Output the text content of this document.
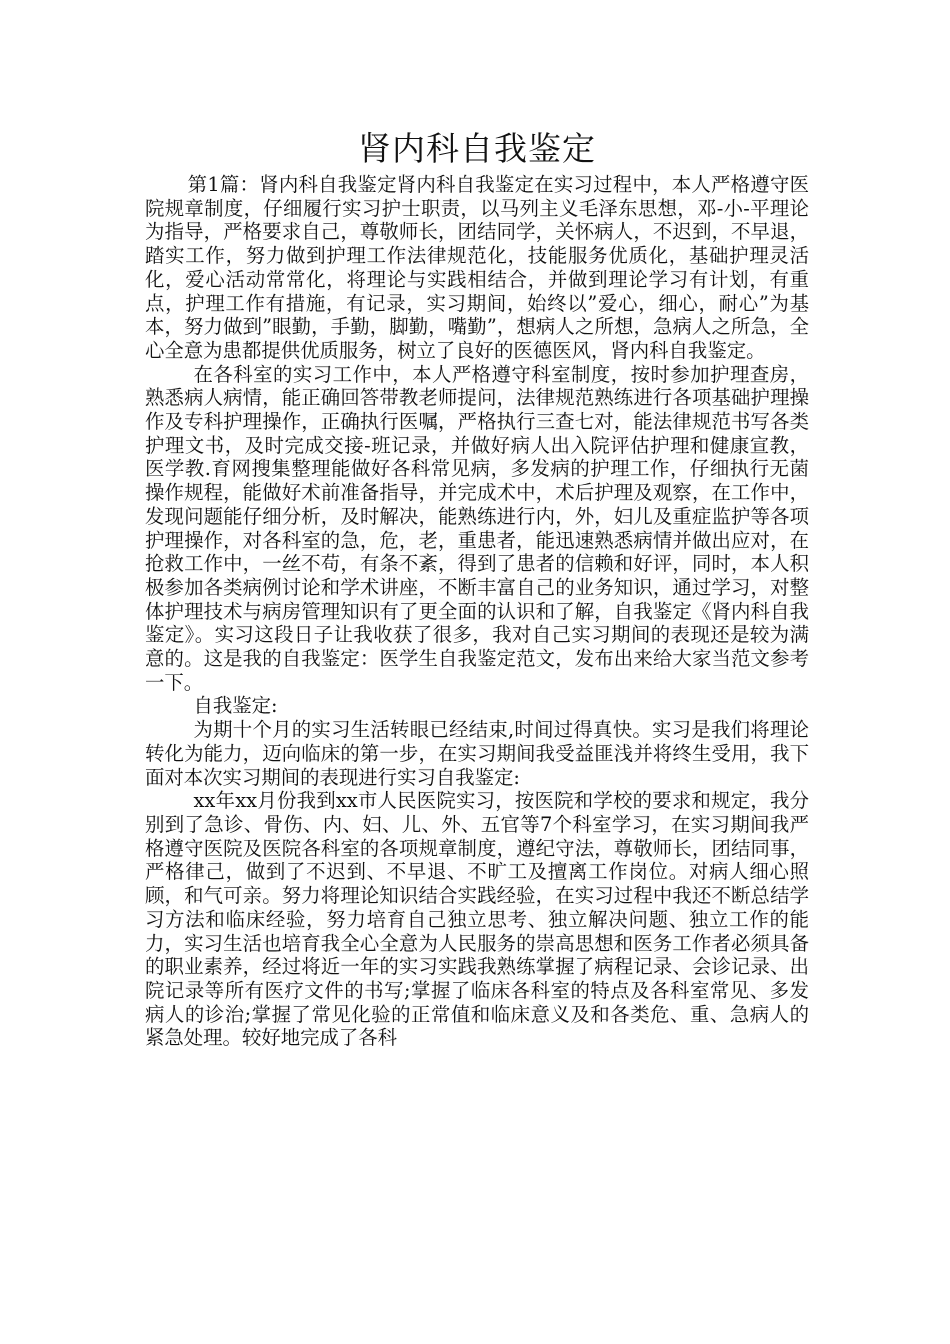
肾内科自我鉴定

第1篇：肾内科自我鉴定肾内科自我鉴定在实习过程中，本人严格遵守医院规章制度，仔细履行实习护士职责，以马列主义毛泽东思想，邓-小-平理论为指导，严格要求自己，尊敬师长，团结同学，关怀病人，不迟到，不早退，踏实工作，努力做到护理工作法律规范化，技能服务优质化，基础护理灵活化，爱心活动常常化，将理论与实践相结合，并做到理论学习有计划，有重点，护理工作有措施，有记录，实习期间，始终以”爱心，细心，耐心”为基本，努力做到”眼勤，手勤，脚勤，嘴勤”，想病人之所想，急病人之所急，全心全意为患都提供优质服务，树立了良好的医德医风，肾内科自我鉴定。

在各科室的实习工作中，本人严格遵守科室制度，按时参加护理查房，熟悉病人病情，能正确回答带教老师提问，法律规范熟练进行各项基础护理操作及专科护理操作，正确执行医嘱，严格执行三查七对，能法律规范书写各类护理文书，及时完成交接-班记录，并做好病人出入院评估护理和健康宣教，医学教.育网搜集整理能做好各科常见病，多发病的护理工作，仔细执行无菌操作规程，能做好术前准备指导，并完成术中，术后护理及观察，在工作中，发现问题能仔细分析，及时解决，能熟练进行内，外，妇儿及重症监护等各项护理操作，对各科室的急，危，老，重患者，能迅速熟悉病情并做出应对，在抢救工作中，一丝不苟，有条不紊，得到了患者的信赖和好评，同时，本人积极参加各类病例讨论和学术讲座，不断丰富自己的业务知识，通过学习，对整体护理技术与病房管理知识有了更全面的认识和了解，自我鉴定《肾内科自我鉴定》。实习这段日子让我收获了很多，我对自己实习期间的表现还是较为满意的。这是我的自我鉴定：医学生自我鉴定范文，发布出来给大家当范文参考一下。

自我鉴定:

为期十个月的实习生活转眼已经结束,时间过得真快。实习是我们将理论转化为能力，迈向临床的第一步，在实习期间我受益匪浅并将终生受用，我下面对本次实习期间的表现进行实习自我鉴定:

xx年xx月份我到xx市人民医院实习，按医院和学校的要求和规定，我分别到了急诊、骨伤、内、妇、儿、外、五官等7个科室学习，在实习期间我严格遵守医院及医院各科室的各项规章制度，遵纪守法，尊敬师长，团结同事，严格律己，做到了不迟到、不早退、不旷工及擅离工作岗位。对病人细心照顾，和气可亲。努力将理论知识结合实践经验，在实习过程中我还不断总结学习方法和临床经验，努力培育自己独立思考、独立解决问题、独立工作的能力，实习生活也培育我全心全意为人民服务的崇高思想和医务工作者必须具备的职业素养，经过将近一年的实习实践我熟练掌握了病程记录、会诊记录、出院记录等所有医疗文件的书写;掌握了临床各科室的特点及各科室常见、多发病人的诊治;掌握了常见化验的正常值和临床意义及和各类危、重、急病人的紧急处理。较好地完成了各科
